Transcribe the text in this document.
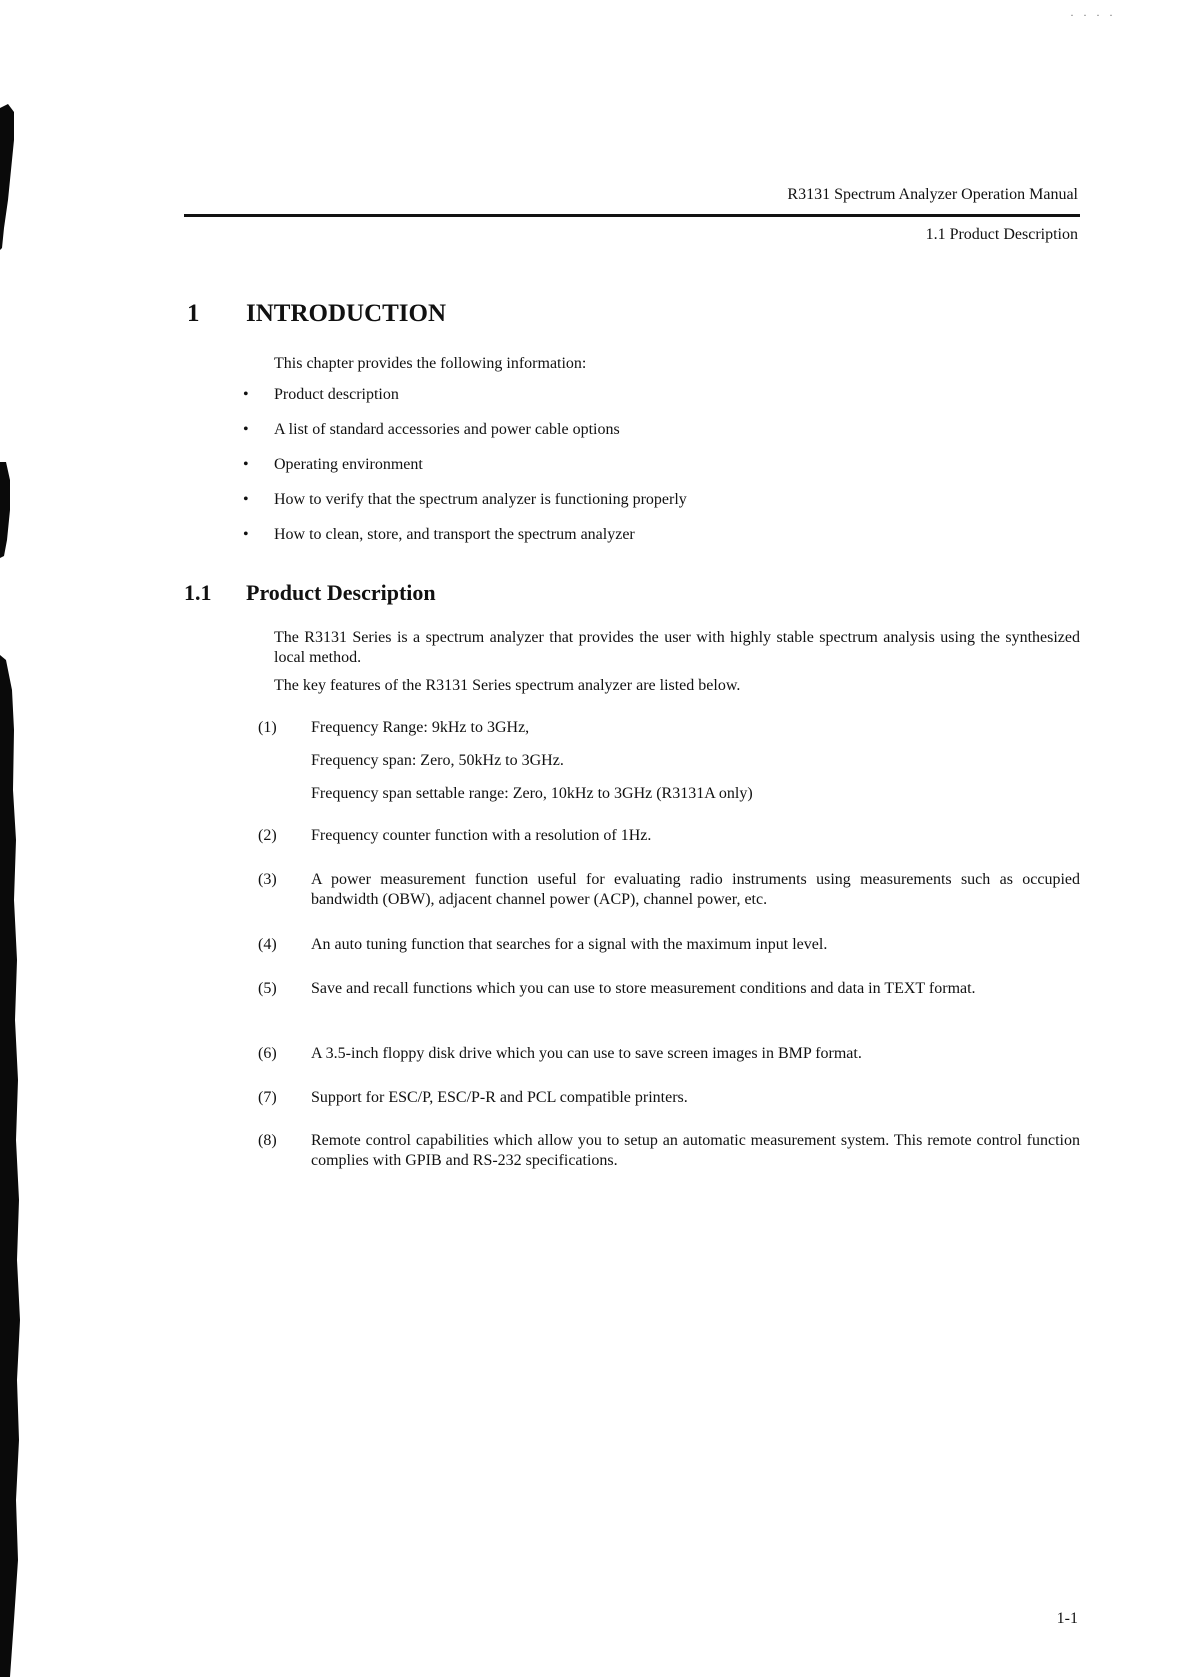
· · · ·
R3131 Spectrum Analyzer Operation Manual
1.1 Product Description
1 INTRODUCTION
This chapter provides the following information:
•	Product description
•	A list of standard accessories and power cable options
•	Operating environment
•	How to verify that the spectrum analyzer is functioning properly
•	How to clean, store, and transport the spectrum analyzer
1.1 Product Description
The R3131 Series is a spectrum analyzer that provides the user with highly stable spectrum analysis using the synthesized local method.
The key features of the R3131 Series spectrum analyzer are listed below.
(1)	Frequency Range: 9kHz to 3GHz,
Frequency span: Zero, 50kHz to 3GHz.
Frequency span settable range: Zero, 10kHz to 3GHz (R3131A only)
(2)	Frequency counter function with a resolution of 1Hz.
(3)	A power measurement function useful for evaluating radio instruments using measurements such as occupied bandwidth (OBW), adjacent channel power (ACP), channel power, etc.
(4)	An auto tuning function that searches for a signal with the maximum input level.
(5)	Save and recall functions which you can use to store measurement conditions and data in TEXT format.
(6)	A 3.5-inch floppy disk drive which you can use to save screen images in BMP format.
(7)	Support for ESC/P, ESC/P-R and PCL compatible printers.
(8)	Remote control capabilities which allow you to setup an automatic measurement system. This remote control function complies with GPIB and RS-232 specifications.
1-1
